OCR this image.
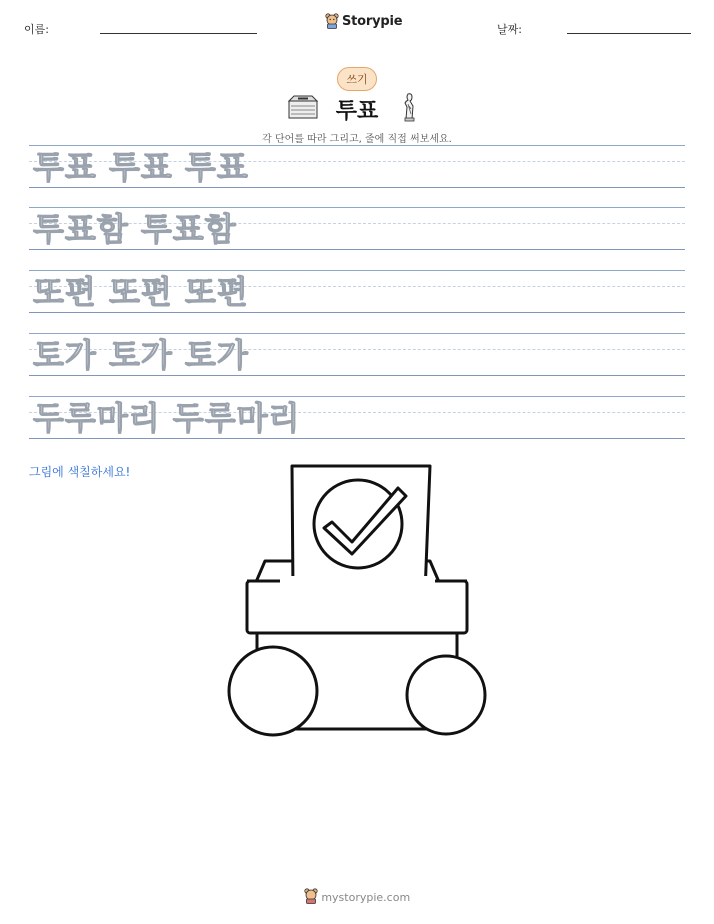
이름:
Storypie
날짜:
쓰기
투표
각 단어를 따라 그리고, 줄에 직접 써보세요.
투표 투표 투표
투표함 투표함
또편 또편 또편
토가 토가 토가
두루마리 두루마리
그림에 색칠하세요!
mystorypie.com
